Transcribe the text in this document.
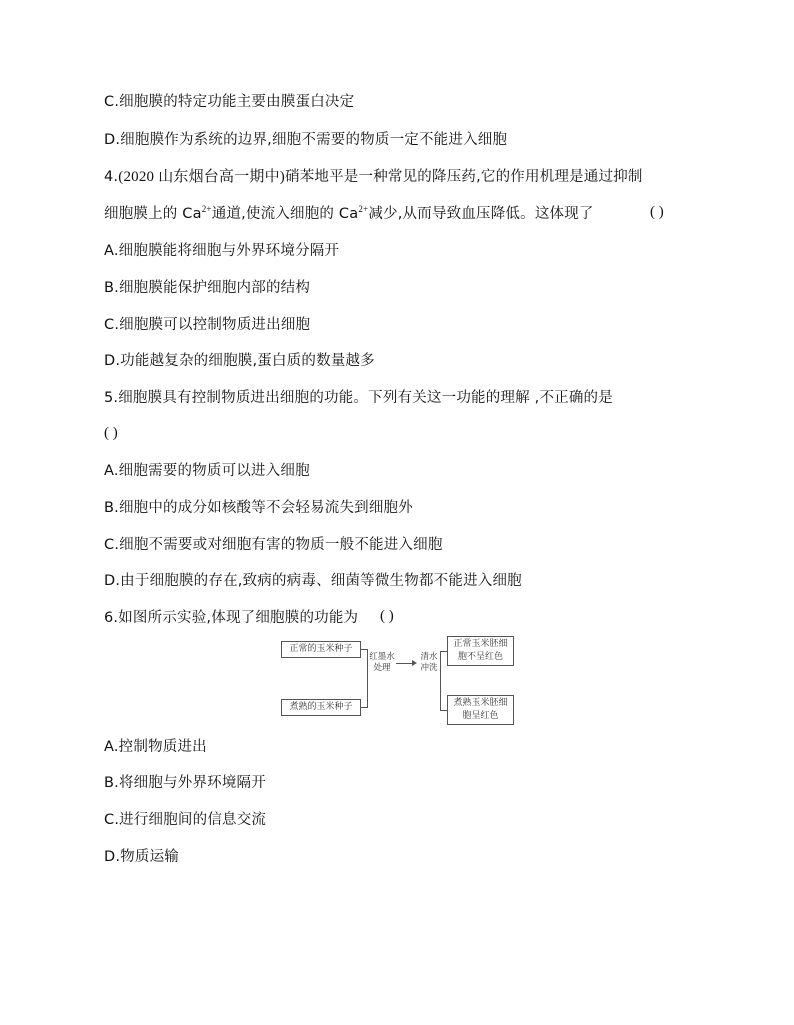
C.细胞膜的特定功能主要由膜蛋白决定
D.细胞膜作为系统的边界,细胞不需要的物质一定不能进入细胞
4.(2020 山东烟台高一期中)硝苯地平是一种常见的降压药,它的作用机理是通过抑制
细胞膜上的 $Ca^{2+}$通道,使流入细胞的 $Ca^{2+}$减少,从而导致血压降低。这体现了	( )
A.细胞膜能将细胞与外界环境分隔开
B.细胞膜能保护细胞内部的结构
C.细胞膜可以控制物质进出细胞
D.功能越复杂的细胞膜,蛋白质的数量越多
5.细胞膜具有控制物质进出细胞的功能。下列有关这一功能的理解 ,不正确的是
( )
A.细胞需要的物质可以进入细胞
B.细胞中的成分如核酸等不会轻易流失到细胞外
C.细胞不需要或对细胞有害的物质一般不能进入细胞
D.由于细胞膜的存在,致病的病毒、细菌等微生物都不能进入细胞
6.如图所示实验,体现了细胞膜的功能为 ( )
正常的玉米种子
煮熟的玉米种子
红墨水
处理
清水
冲洗
正常玉米胚细
胞不呈红色
煮熟玉米胚细
胞呈红色
A.控制物质进出
B.将细胞与外界环境隔开
C.进行细胞间的信息交流
D.物质运输
